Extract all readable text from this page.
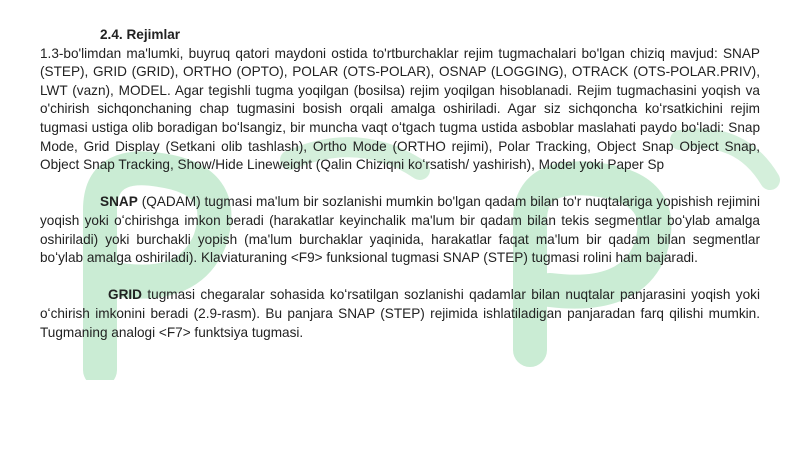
2.4. Rejimlar

1.3-bo'limdan ma'lumki, buyruq qatori maydoni ostida to'rtburchaklar rejim tugmachalari bo'lgan chiziq mavjud: SNAP (STEP), GRID (GRID), ORTHO (OPTO), POLAR (OTS-POLAR), OSNAP (LOGGING), OTRACK (OTS-POLAR.PRIV), LWT (vazn), MODEL. Agar tegishli tugma yoqilgan (bosilsa) rejim yoqilgan hisoblanadi. Rejim tugmachasini yoqish va o'chirish sichqonchaning chap tugmasini bosish orqali amalga oshiriladi. Agar siz sichqoncha koʻrsatkichini rejim tugmasi ustiga olib boradigan boʻlsangiz, bir muncha vaqt oʻtgach tugma ustida asboblar maslahati paydo boʻladi: Snap Mode, Grid Display (Setkani olib tashlash), Ortho Mode (ORTHO rejimi), Polar Tracking, Object Snap Object Snap, Object Snap Tracking, Show/Hide Lineweight (Qalin Chiziqni koʻrsatish/ yashirish), Model yoki Paper Sp

SNAP (QADAM) tugmasi ma'lum bir sozlanishi mumkin bo'lgan qadam bilan to'r nuqtalariga yopishish rejimini yoqish yoki oʻchirishga imkon beradi (harakatlar keyinchalik ma'lum bir qadam bilan tekis segmentlar boʻylab amalga oshiriladi) yoki burchakli yopish (ma'lum burchaklar yaqinida, harakatlar faqat ma'lum bir qadam bilan segmentlar boʻylab amalga oshiriladi). Klaviaturaning <F9> funksional tugmasi SNAP (STEP) tugmasi rolini ham bajaradi.

GRID tugmasi chegaralar sohasida koʻrsatilgan sozlanishi qadamlar bilan nuqtalar panjarasini yoqish yoki oʻchirish imkonini beradi (2.9-rasm). Bu panjara SNAP (STEP) rejimida ishlatiladigan panjaradan farq qilishi mumkin. Tugmaning analogi <F7> funktsiya tugmasi.
